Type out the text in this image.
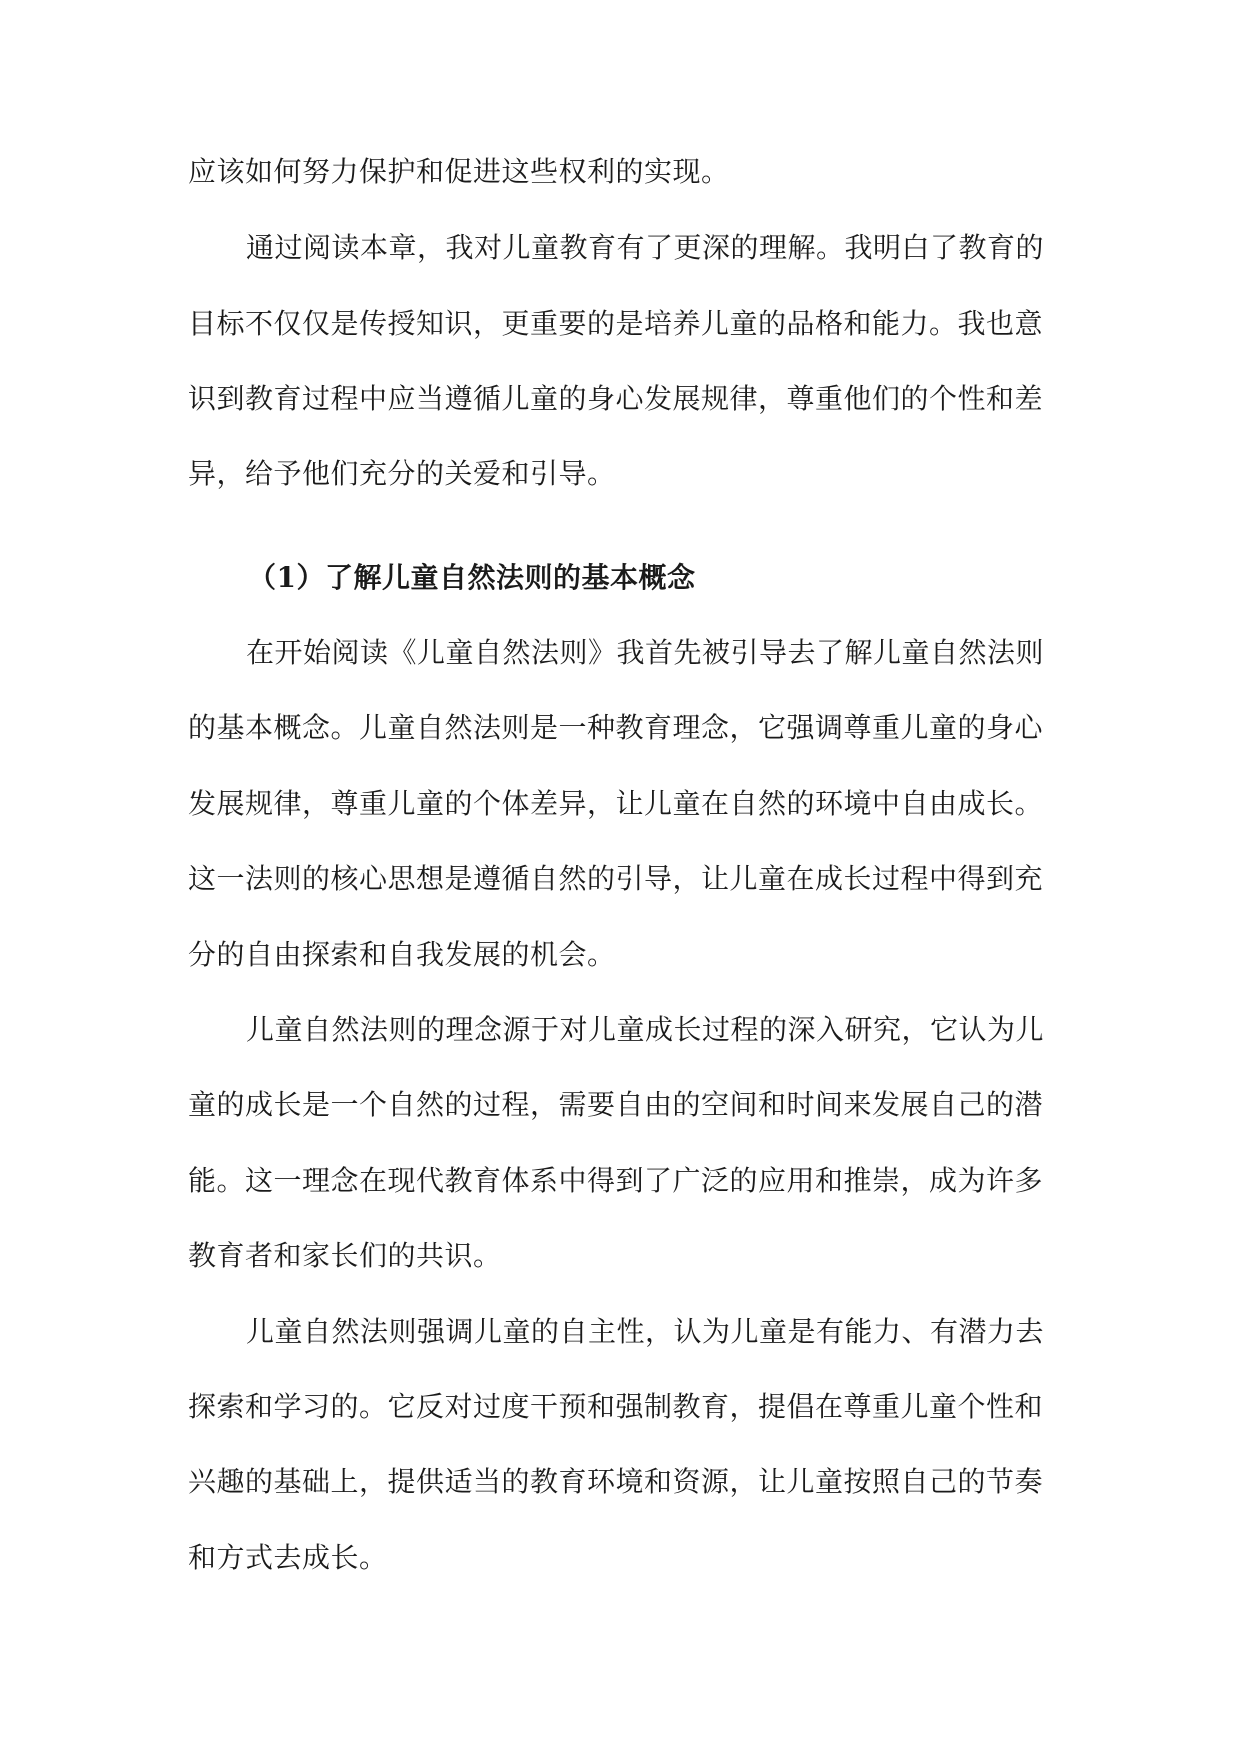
应该如何努力保护和促进这些权利的实现。
通过阅读本章，我对儿童教育有了更深的理解。我明白了教育的
目标不仅仅是传授知识，更重要的是培养儿童的品格和能力。我也意
识到教育过程中应当遵循儿童的身心发展规律，尊重他们的个性和差
异，给予他们充分的关爱和引导。
（1）了解儿童自然法则的基本概念
在开始阅读《儿童自然法则》我首先被引导去了解儿童自然法则
的基本概念。儿童自然法则是一种教育理念，它强调尊重儿童的身心
发展规律，尊重儿童的个体差异，让儿童在自然的环境中自由成长。
这一法则的核心思想是遵循自然的引导，让儿童在成长过程中得到充
分的自由探索和自我发展的机会。
儿童自然法则的理念源于对儿童成长过程的深入研究，它认为儿
童的成长是一个自然的过程，需要自由的空间和时间来发展自己的潜
能。这一理念在现代教育体系中得到了广泛的应用和推崇，成为许多
教育者和家长们的共识。
儿童自然法则强调儿童的自主性，认为儿童是有能力、有潜力去
探索和学习的。它反对过度干预和强制教育，提倡在尊重儿童个性和
兴趣的基础上，提供适当的教育环境和资源，让儿童按照自己的节奏
和方式去成长。
